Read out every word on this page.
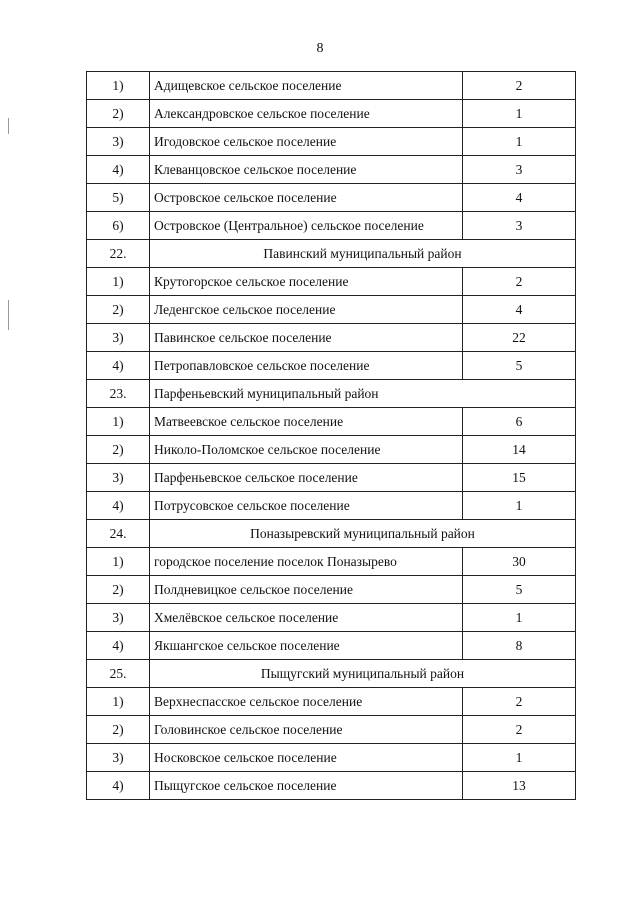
8
1)	Адищевское сельское поселение	2
2)	Александровское сельское поселение	1
3)	Игодовское сельское поселение	1
4)	Клеванцовское сельское поселение	3
5)	Островское сельское поселение	4
6)	Островское (Центральное) сельское поселение	3
22.	Павинский муниципальный район	
1)	Крутогорское сельское поселение	2
2)	Леденгское сельское поселение	4
3)	Павинское сельское поселение	22
4)	Петропавловское сельское поселение	5
23.	Парфеньевский муниципальный район	
1)	Матвеевское сельское поселение	6
2)	Николо-Поломское сельское поселение	14
3)	Парфеньевское сельское поселение	15
4)	Потрусовское сельское поселение	1
24.	Поназыревский муниципальный район	
1)	городское поселение поселок Поназырево	30
2)	Полдневицкое сельское поселение	5
3)	Хмелёвское сельское поселение	1
4)	Якшангское сельское поселение	8
25.	Пыщугский муниципальный район	
1)	Верхнеспасское сельское поселение	2
2)	Головинское сельское поселение	2
3)	Носковское сельское поселение	1
4)	Пыщугское сельское поселение	13
